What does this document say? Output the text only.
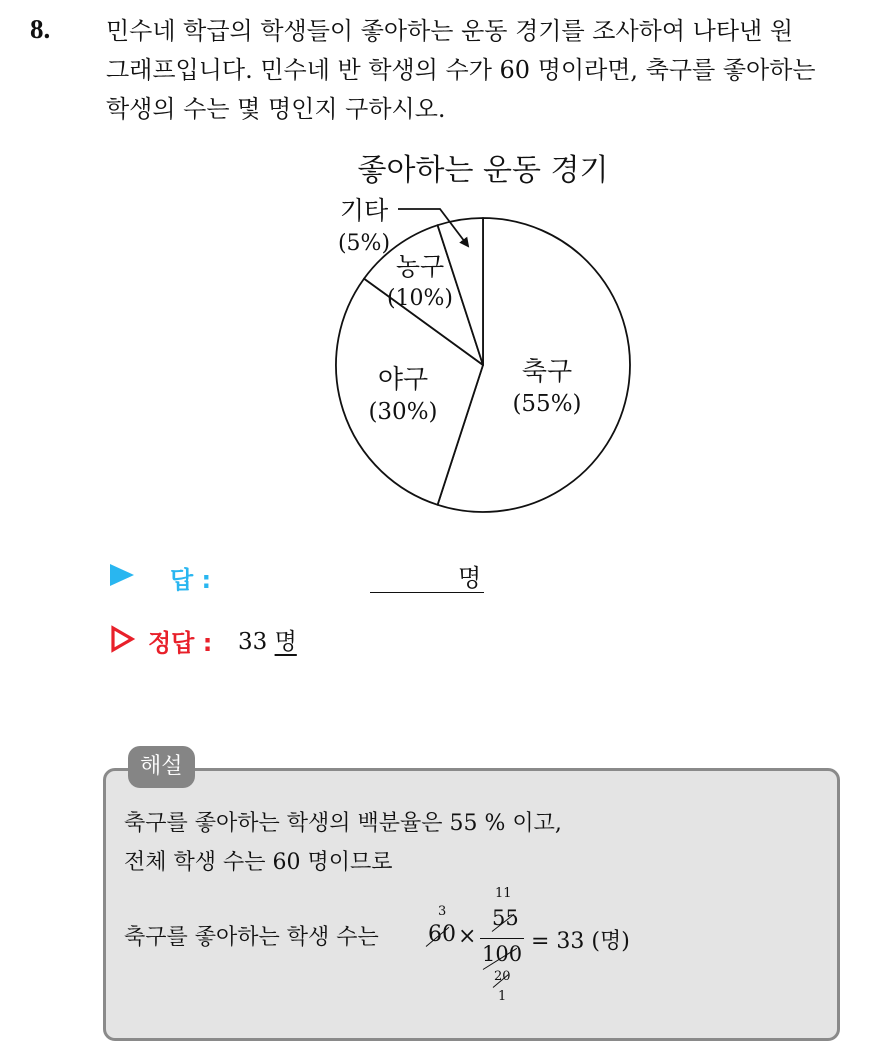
8. 민수네 학급의 학생들이 좋아하는 운동 경기를 조사하여 나타낸 원
그래프입니다. 민수네 반 학생의 수가 60 명이라면, 축구를 좋아하는
학생의 수는 몇 명인지 구하시오.

좋아하는 운동 경기
축구
(55%)
야구
(30%)
농구
(10%)
기타
(5%)
답 :	명
정답 : 33 명
해설
축구를 좋아하는 학생의 백분율은 55 % 이고,
전체 학생 수는 60 명이므로
축구를 좋아하는 학생 수는
3
60 ×
11
55
100
20
1
= 33 (명)
